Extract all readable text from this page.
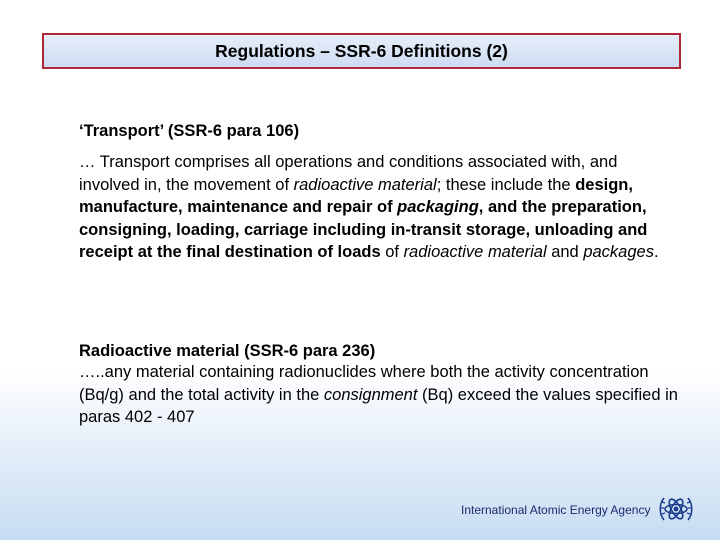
Regulations – SSR-6 Definitions (2)

‘Transport’ (SSR-6 para 106)

… Transport comprises all operations and conditions associated with, and involved in, the movement of radioactive material; these include the design, manufacture, maintenance and repair of packaging, and the preparation, consigning, loading, carriage including in-transit storage, unloading and receipt at the final destination of loads of radioactive material and packages.

Radioactive material (SSR-6 para 236)

…..any material containing radionuclides where both the activity concentration (Bq/g) and the total activity in the consignment (Bq) exceed the values specified in paras 402 - 407

International Atomic Energy Agency
